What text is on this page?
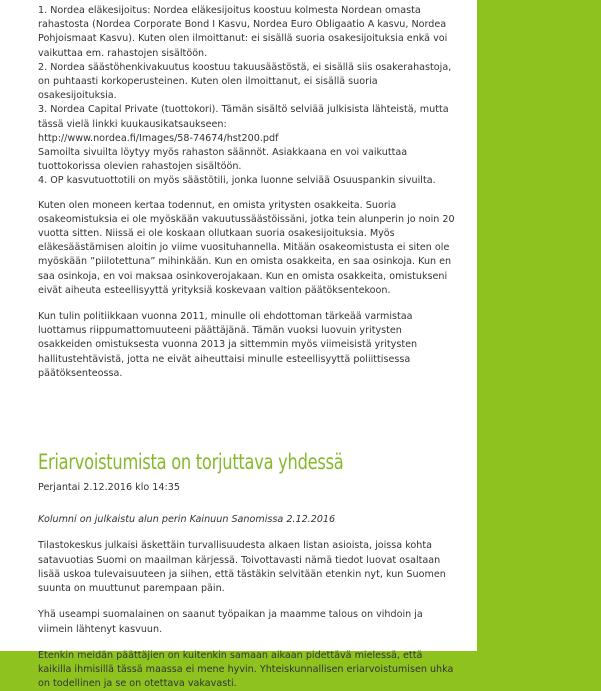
1. Nordea eläkesijoitus: Nordea eläkesijoitus koostuu kolmesta Nordean omasta rahastosta (Nordea Corporate Bond I Kasvu, Nordea Euro Obligaatio A kasvu, Nordea Pohjoismaat Kasvu). Kuten olen ilmoittanut: ei sisällä suoria osakesijoituksia enkä voi vaikuttaa em. rahastojen sisältöön.

2. Nordea säästöhenkivakuutus koostuu takuusäästöstä, ei sisällä siis osakerahastoja, on puhtaasti korkoperusteinen. Kuten olen ilmoittanut, ei sisällä suoria osakesijoituksia.

3. Nordea Capital Private (tuottokori). Tämän sisältö selviää julkisista lähteistä, mutta tässä vielä linkki kuukausikatsaukseen:

http://www.nordea.fi/Images/58-74674/hst200.pdf

Samoilta sivuilta löytyy myös rahaston säännöt. Asiakkaana en voi vaikuttaa tuottokorissa olevien rahastojen sisältöön.

4. OP kasvutuottotili on myös säästötili, jonka luonne selviää Osuuspankin sivuilta.

Kuten olen moneen kertaa todennut, en omista yritysten osakkeita. Suoria osakeomistuksia ei ole myöskään vakuutussäästöissäni, jotka tein alunperin jo noin 20 vuotta sitten. Niissä ei ole koskaan ollutkaan suoria osakesijoituksia. Myös eläkesäästämisen aloitin jo viime vuosituhannella. Mitään osakeomistusta ei siten ole myöskään ”piilotettuna” mihinkään. Kun en omista osakkeita, en saa osinkoja. Kun en saa osinkoja, en voi maksaa osinkoverojakaan. Kun en omista osakkeita, omistukseni eivät aiheuta esteellisyyttä yrityksiä koskevaan valtion päätöksentekoon.

Kun tulin politiikkaan vuonna 2011, minulle oli ehdottoman tärkeää varmistaa luottamus riippumattomuuteeni päättäjänä. Tämän vuoksi luovuin yritysten osakkeiden omistuksesta vuonna 2013 ja sittemmin myös viimeisistä yritysten hallitustehtävistä, jotta ne eivät aiheuttaisi minulle esteellisyyttä poliittisessa päätöksenteossa.

Eriarvoistumista on torjuttava yhdessä

Perjantai 2.12.2016 klo 14:35

Kolumni on julkaistu alun perin Kainuun Sanomissa 2.12.2016

Tilastokeskus julkaisi äskettäin turvallisuudesta alkaen listan asioista, joissa kohta satavuotias Suomi on maailman kärjessä. Toivottavasti nämä tiedot luovat osaltaan lisää uskoa tulevaisuuteen ja siihen, että tästäkin selvitään etenkin nyt, kun Suomen suunta on muuttunut parempaan päin.

Yhä useampi suomalainen on saanut työpaikan ja maamme talous on vihdoin ja viimein lähtenyt kasvuun.

Etenkin meidän päättäjien on kuitenkin samaan aikaan pidettävä mielessä, että kaikilla ihmisillä tässä maassa ei mene hyvin. Yhteiskunnallisen eriarvoistumisen uhka on todellinen ja se on otettava vakavasti.
